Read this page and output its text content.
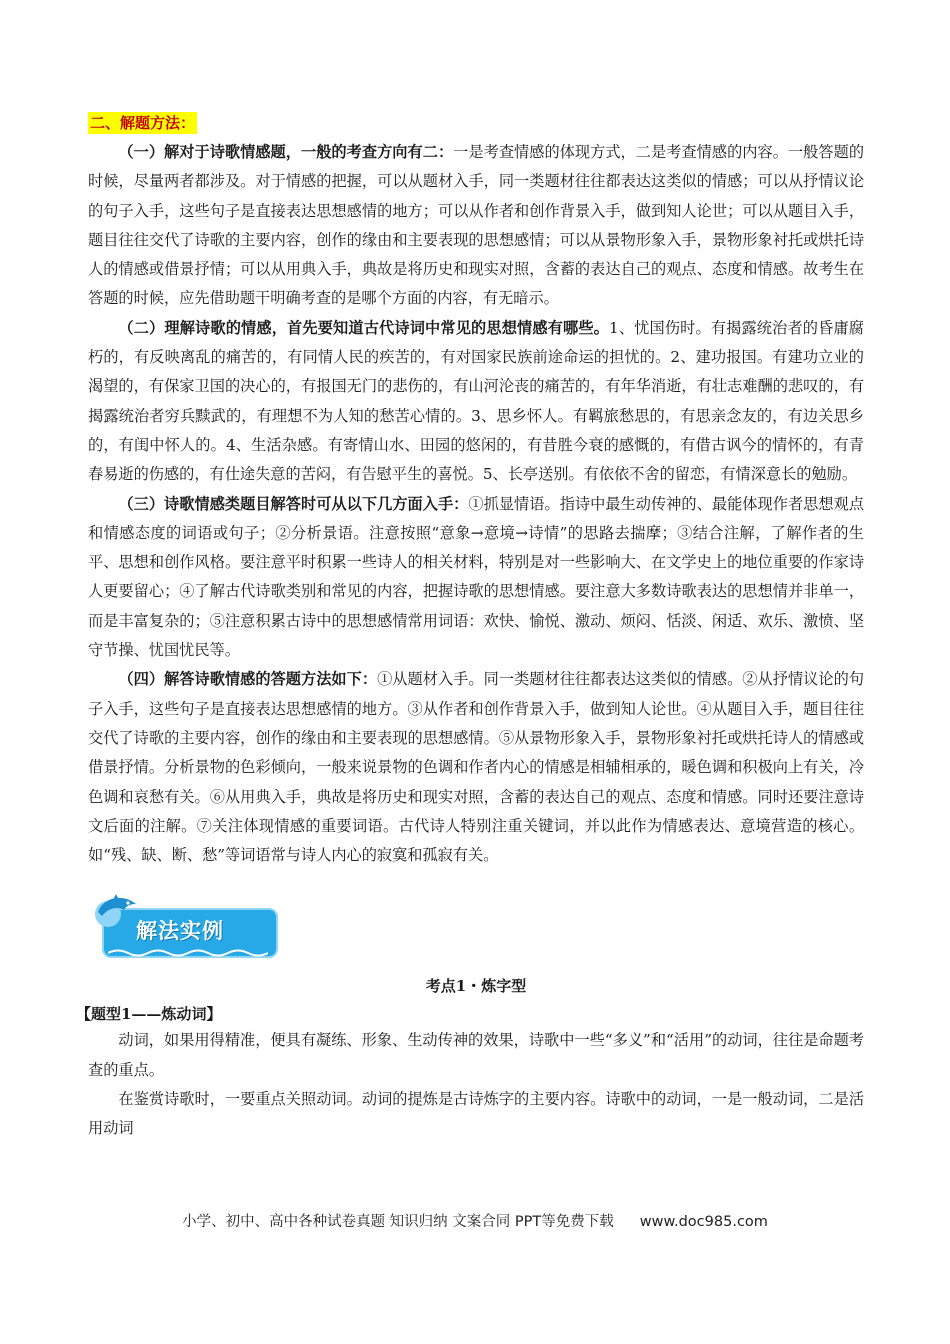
二、解题方法：

（一）解对于诗歌情感题，一般的考查方向有二：一是考查情感的体现方式，二是考查情感的内容。一般答题的时候，尽量两者都涉及。对于情感的把握，可以从题材入手，同一类题材往往都表达这类似的情感；可以从抒情议论的句子入手，这些句子是直接表达思想感情的地方；可以从作者和创作背景入手，做到知人论世；可以从题目入手，题目往往交代了诗歌的主要内容，创作的缘由和主要表现的思想感情；可以从景物形象入手，景物形象衬托或烘托诗人的情感或借景抒情；可以从用典入手，典故是将历史和现实对照，含蓄的表达自己的观点、态度和情感。故考生在答题的时候，应先借助题干明确考查的是哪个方面的内容，有无暗示。

（二）理解诗歌的情感，首先要知道古代诗词中常见的思想情感有哪些。1、忧国伤时。有揭露统治者的昏庸腐朽的，有反映离乱的痛苦的，有同情人民的疾苦的，有对国家民族前途命运的担忧的。2、建功报国。有建功立业的渴望的，有保家卫国的决心的，有报国无门的悲伤的，有山河沦丧的痛苦的，有年华消逝，有壮志难酬的悲叹的，有揭露统治者穷兵黩武的，有理想不为人知的愁苦心情的。3、思乡怀人。有羁旅愁思的，有思亲念友的，有边关思乡的，有闺中怀人的。4、生活杂感。有寄情山水、田园的悠闲的，有昔胜今衰的感慨的，有借古讽今的情怀的，有青春易逝的伤感的，有仕途失意的苦闷，有告慰平生的喜悦。5、长亭送别。有依依不舍的留恋，有情深意长的勉励。

（三）诗歌情感类题目解答时可从以下几方面入手：①抓显情语。指诗中最生动传神的、最能体现作者思想观点和情感态度的词语或句子；②分析景语。注意按照“意象→意境→诗情”的思路去揣摩；③结合注解，了解作者的生平、思想和创作风格。要注意平时积累一些诗人的相关材料，特别是对一些影响大、在文学史上的地位重要的作家诗人更要留心；④了解古代诗歌类别和常见的内容，把握诗歌的思想情感。要注意大多数诗歌表达的思想情并非单一，而是丰富复杂的；⑤注意积累古诗中的思想感情常用词语：欢快、愉悦、激动、烦闷、恬淡、闲适、欢乐、激愤、坚守节操、忧国忧民等。

（四）解答诗歌情感的答题方法如下：①从题材入手。同一类题材往往都表达这类似的情感。②从抒情议论的句子入手，这些句子是直接表达思想感情的地方。③从作者和创作背景入手，做到知人论世。④从题目入手，题目往往交代了诗歌的主要内容，创作的缘由和主要表现的思想感情。⑤从景物形象入手，景物形象衬托或烘托诗人的情感或借景抒情。分析景物的色彩倾向，一般来说景物的色调和作者内心的情感是相辅相承的，暖色调和积极向上有关，冷色调和哀愁有关。⑥从用典入手，典故是将历史和现实对照，含蓄的表达自己的观点、态度和情感。同时还要注意诗文后面的注解。⑦关注体现情感的重要词语。古代诗人特别注重关键词，并以此作为情感表达、意境营造的核心。如“残、缺、断、愁”等词语常与诗人内心的寂寞和孤寂有关。

解法实例
考点1・炼字型
【题型1——炼动词】

动词，如果用得精准，便具有凝练、形象、生动传神的效果，诗歌中一些“多义”和“活用”的动词，往往是命题考查的重点。

在鉴赏诗歌时，一要重点关照动词。动词的提炼是古诗炼字的主要内容。诗歌中的动词，一是一般动词，二是活用动词

小学、初中、高中各种试卷真题 知识归纳 文案合同 PPT等免费下载 www.doc985.com
